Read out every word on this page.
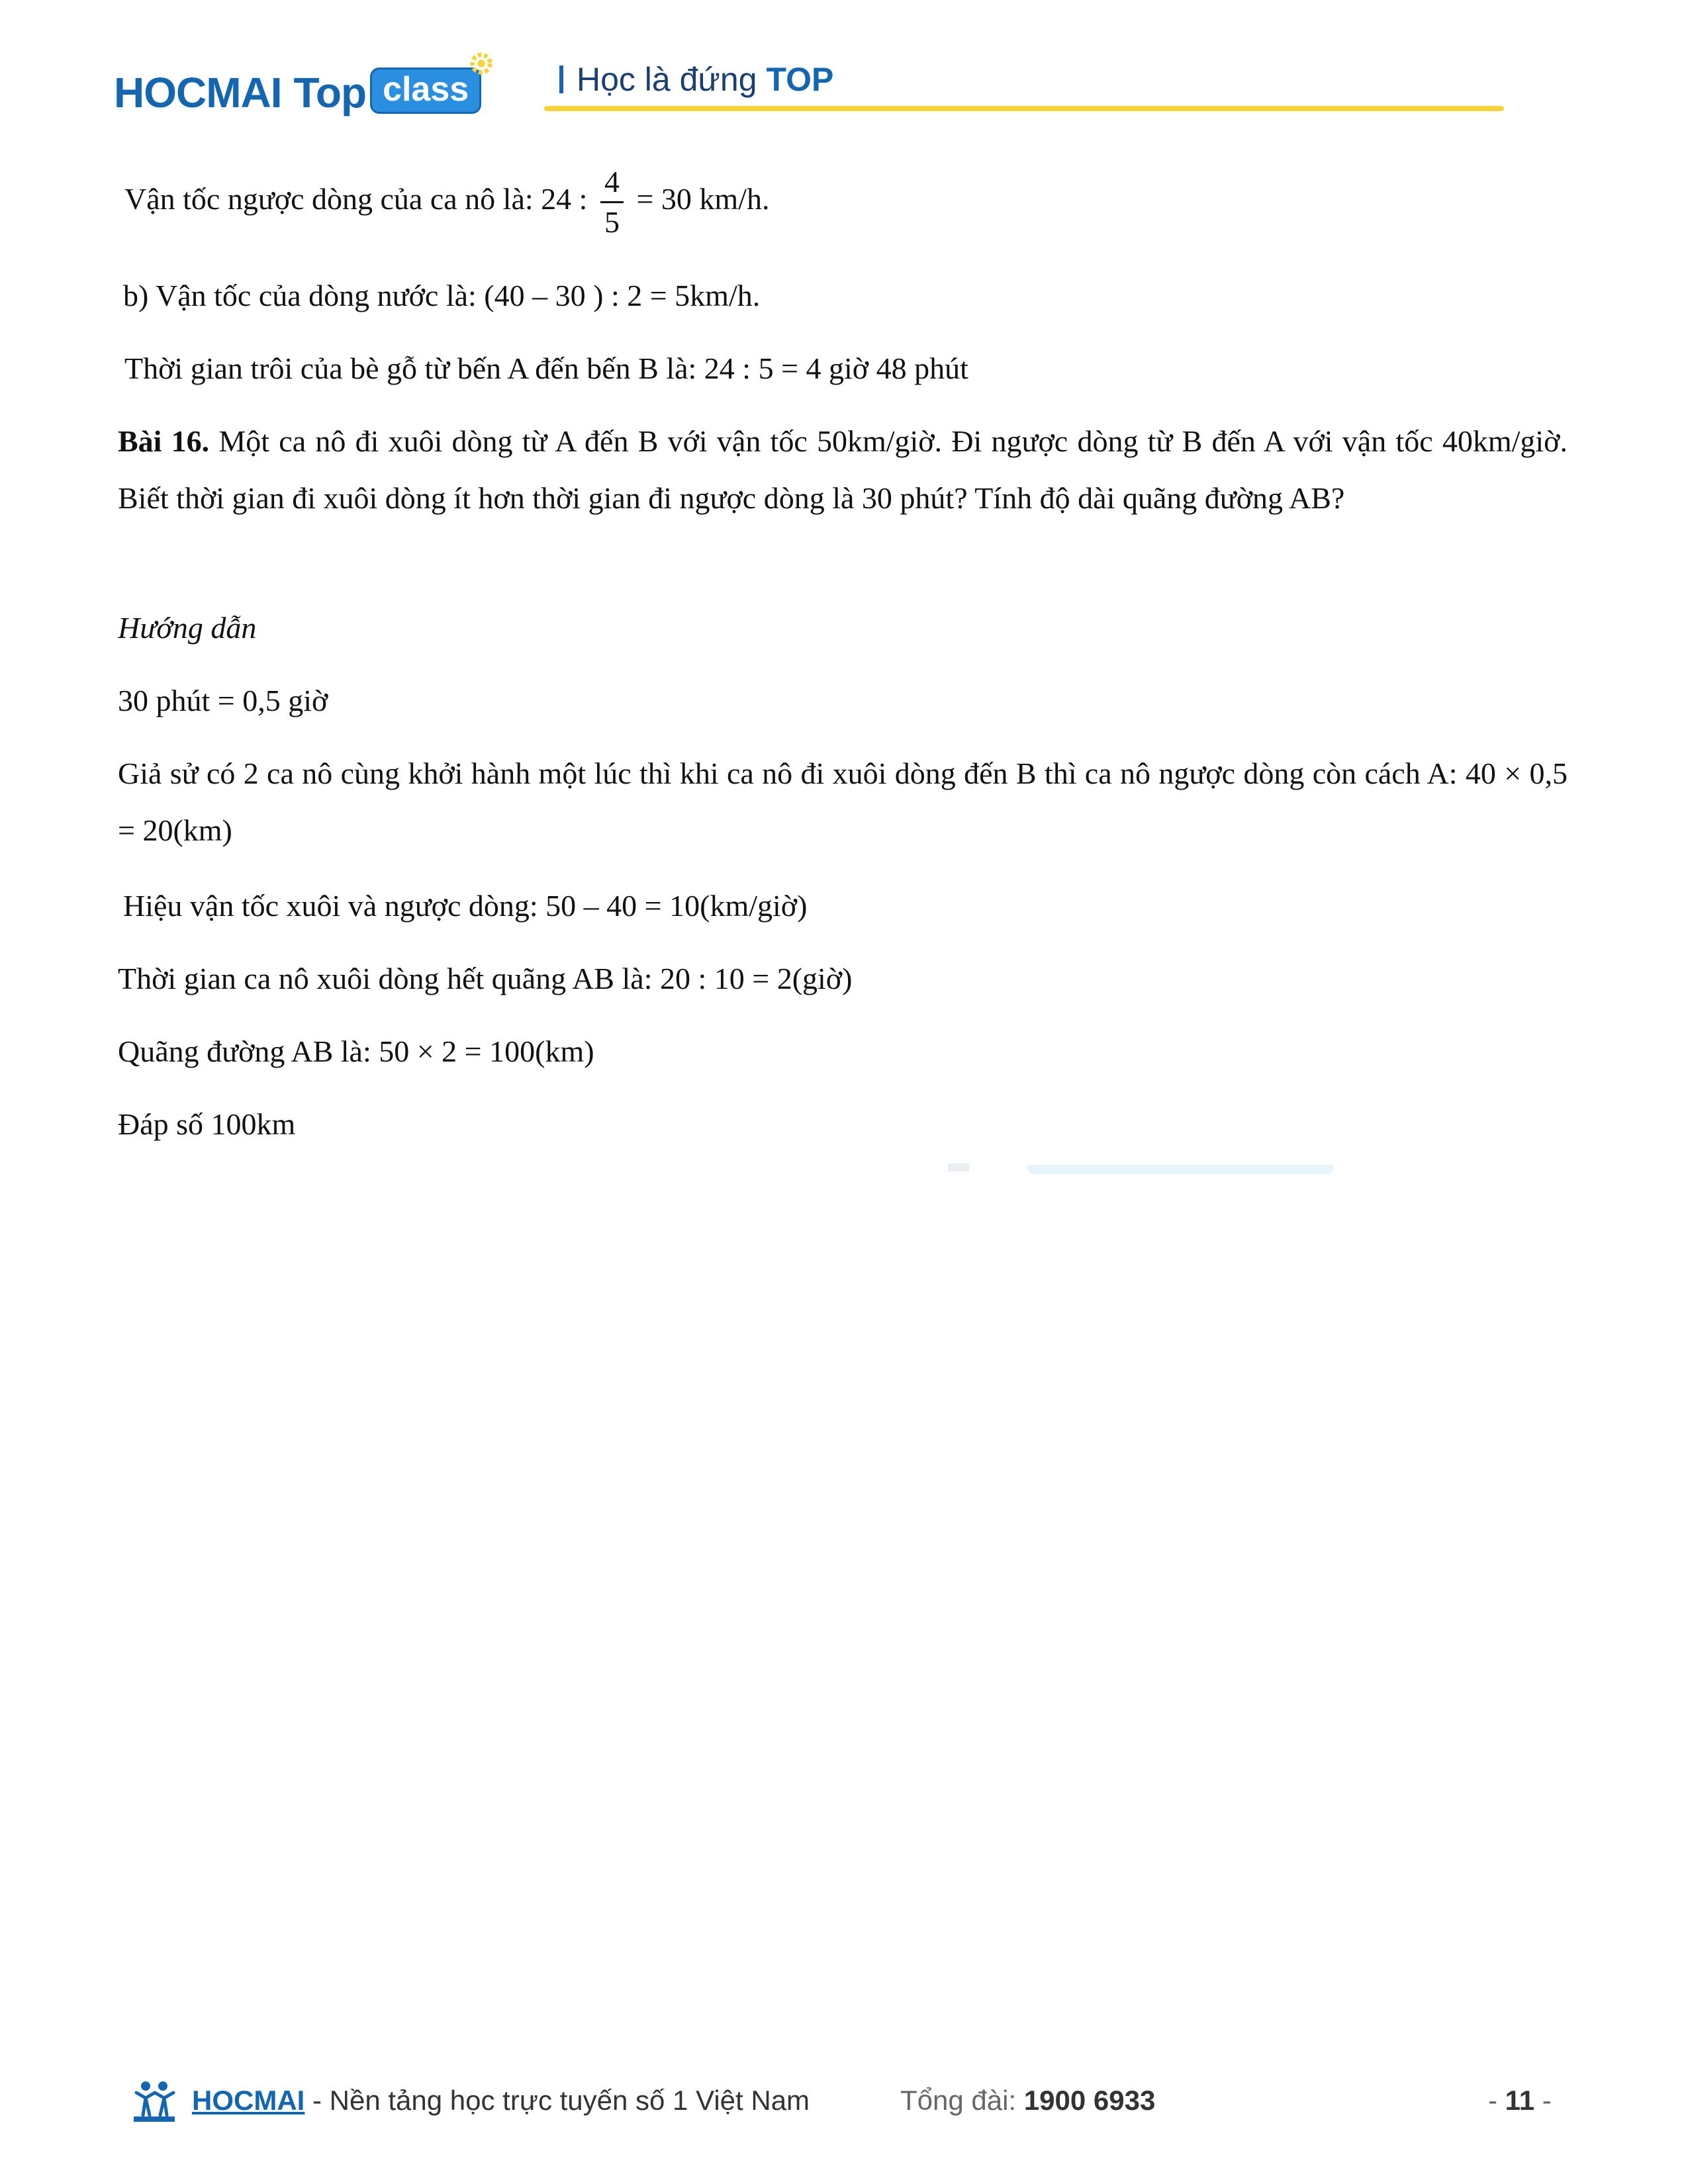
HOCMAI Top class	Học là đứng TOP
Vận tốc ngược dòng của ca nô là: 24 : $\frac{4}{5} = 30$ km/h.
b) Vận tốc của dòng nước là: (40 – 30 ) : 2 = 5km/h.
Thời gian trôi của bè gỗ từ bến A đến bến B là: 24 : 5 = 4 giờ 48 phút
Bài 16. Một ca nô đi xuôi dòng từ A đến B với vận tốc 50km/giờ. Đi ngược dòng từ B đến A với vận tốc 40km/giờ. Biết thời gian đi xuôi dòng ít hơn thời gian đi ngược dòng là 30 phút? Tính độ dài quãng đường AB?
Hướng dẫn
30 phút = 0,5 giờ
Giả sử có 2 ca nô cùng khởi hành một lúc thì khi ca nô đi xuôi dòng đến B thì ca nô ngược dòng còn cách A: 40 × 0,5 = 20(km)
Hiệu vận tốc xuôi và ngược dòng: 50 – 40 = 10(km/giờ)
Thời gian ca nô xuôi dòng hết quãng AB là: 20 : 10 = 2(giờ)
Quãng đường AB là: 50 × 2 = 100(km)
Đáp số 100km
HOCMAI - Nền tảng học trực tuyến số 1 Việt Nam	Tổng đài: 1900 6933	- 11 -
